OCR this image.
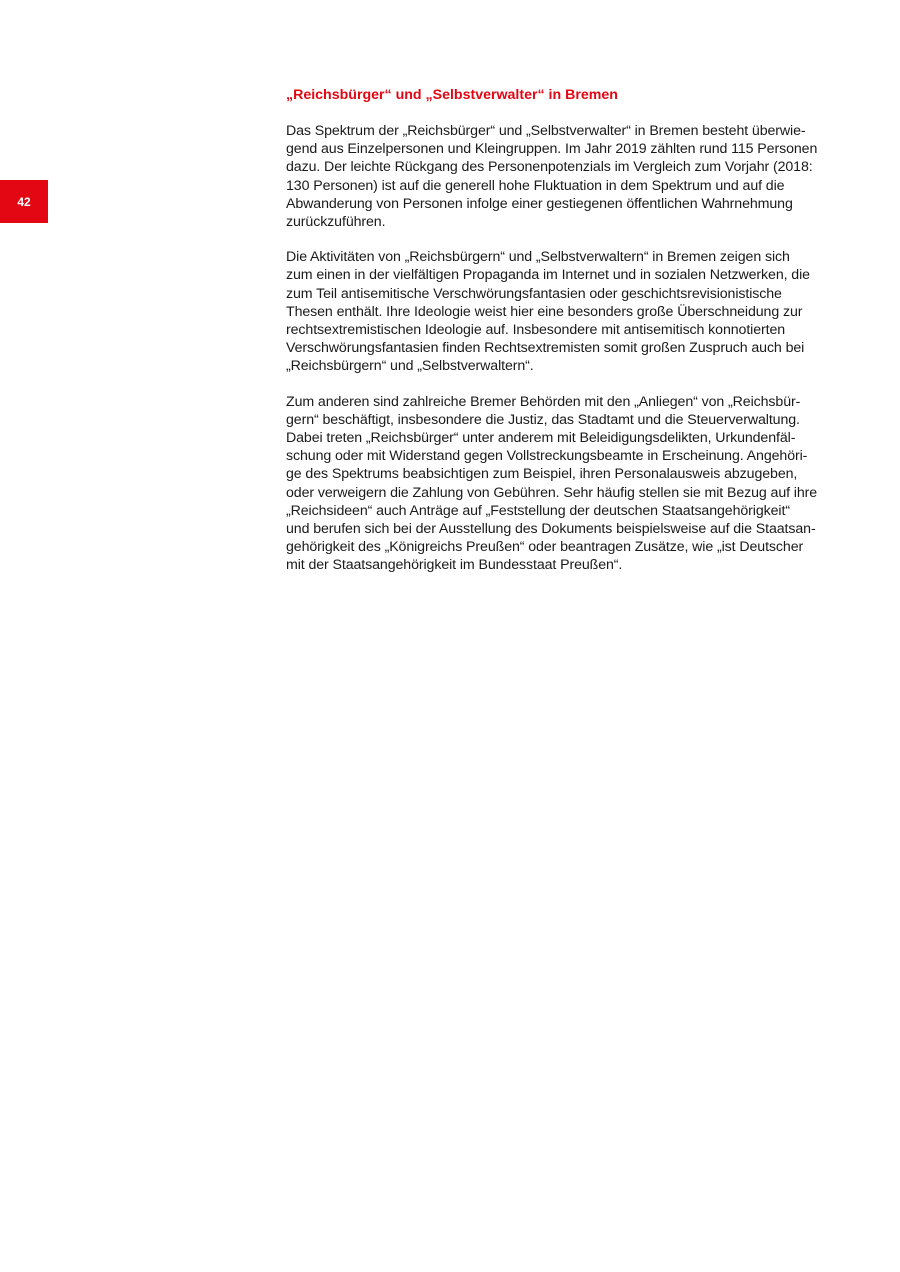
42
„Reichsbürger“ und „Selbstverwalter“ in Bremen

Das Spektrum der „Reichsbürger“ und „Selbstverwalter“ in Bremen besteht überwie-
gend aus Einzelpersonen und Kleingruppen. Im Jahr 2019 zählten rund 115 Personen
dazu. Der leichte Rückgang des Personenpotenzials im Vergleich zum Vorjahr (2018:
130 Personen) ist auf die generell hohe Fluktuation in dem Spektrum und auf die
Abwanderung von Personen infolge einer gestiegenen öffentlichen Wahrnehmung
zurückzuführen.

Die Aktivitäten von „Reichsbürgern“ und „Selbstverwaltern“ in Bremen zeigen sich
zum einen in der vielfältigen Propaganda im Internet und in sozialen Netzwerken, die
zum Teil antisemitische Verschwörungsfantasien oder geschichtsrevisionistische
Thesen enthält. Ihre Ideologie weist hier eine besonders große Überschneidung zur
rechtsextremistischen Ideologie auf. Insbesondere mit antisemitisch konnotierten
Verschwörungsfantasien finden Rechtsextremisten somit großen Zuspruch auch bei
„Reichsbürgern“ und „Selbstverwaltern“.

Zum anderen sind zahlreiche Bremer Behörden mit den „Anliegen“ von „Reichsbür-
gern“ beschäftigt, insbesondere die Justiz, das Stadtamt und die Steuerverwaltung.
Dabei treten „Reichsbürger“ unter anderem mit Beleidigungsdelikten, Urkundenfäl-
schung oder mit Widerstand gegen Vollstreckungsbeamte in Erscheinung. Angehöri-
ge des Spektrums beabsichtigen zum Beispiel, ihren Personalausweis abzugeben,
oder verweigern die Zahlung von Gebühren. Sehr häufig stellen sie mit Bezug auf ihre
„Reichsideen“ auch Anträge auf „Feststellung der deutschen Staatsangehörigkeit“
und berufen sich bei der Ausstellung des Dokuments beispielsweise auf die Staatsan-
gehörigkeit des „Königreichs Preußen“ oder beantragen Zusätze, wie „ist Deutscher
mit der Staatsangehörigkeit im Bundesstaat Preußen“.
